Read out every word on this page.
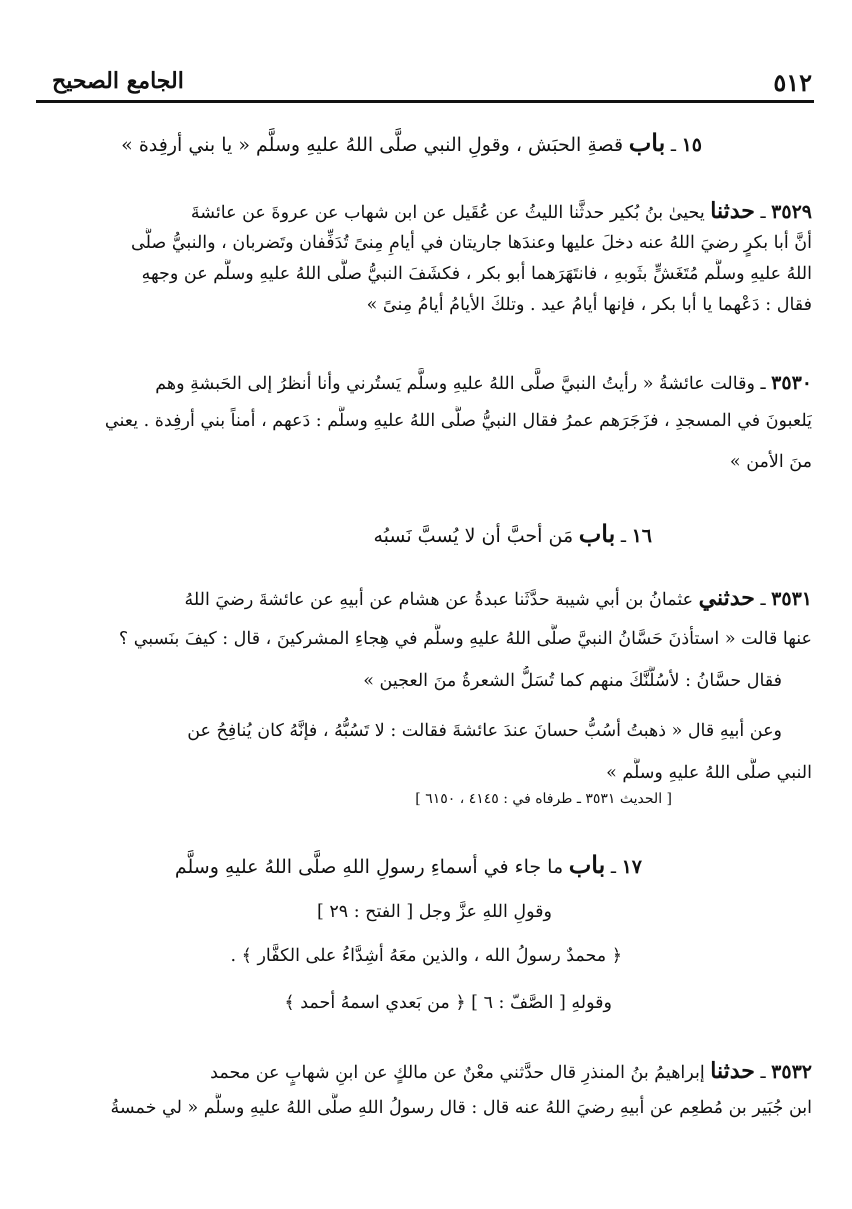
٥١٢
الجامع الصحيح
١٥ ـ باب قصةِ الحبَش ، وقولِ النبي صلَّى اللهُ عليهِ وسلَّم « يا بني أرفِدة »
٣٥٢٩ ـ حدثنا يحيىٰ بنُ بُكير حدثَّنا الليثُ عن عُقَيل عن ابن شهاب عن عروةَ عن عائشةَ
أنَّ أبا بكرٍ رضيَ اللهُ عنه دخلَ عليها وعندَها جاريتان في أيامِ مِنىً تُدَفِّفان وتَضربان ، والنبيُّ صلَّى
اللهُ عليهِ وسلَّم مُتَغَشٍّ بثَوبهِ ، فانتَهَرَهما أبو بكر ، فكشَفَ النبيُّ صلَّى اللهُ عليهِ وسلَّم عن وجههِ
فقال : دَعْهما يا أبا بكر ، فإنها أيامُ عيد . وتلكَ الأيامُ أيامُ مِنىً »
٣٥٣٠ ـ وقالت عائشةُ « رأيتُ النبيَّ صلَّى اللهُ عليهِ وسلَّم يَستُرني وأنا أنظرُ إلى الحَبشةِ وهم
يَلعبونَ في المسجدِ ، فزَجَرَهم عمرُ فقال النبيُّ صلَّى اللهُ عليهِ وسلَّم : دَعهم ، أمناً بني أرفِدة . يعني
منَ الأمن »
١٦ ـ باب مَن أحبَّ أن لا يُسبَّ نَسبُه
٣٥٣١ ـ حدثني عثمانُ بن أبي شيبة حدَّثَنا عبدةُ عن هشام عن أبيهِ عن عائشةَ رضيَ اللهُ
عنها قالت « استأذنَ حَسَّانُ النبيَّ صلَّى اللهُ عليهِ وسلَّم في هِجاءِ المشركينَ ، قال : كيفَ بنَسبي ؟
فقال حسَّانُ : لأسُلَّنَّكَ منهم كما تُسَلُّ الشعرةُ منَ العجين »
وعن أبيهِ قال « ذهبتُ أسُبُّ حسانَ عندَ عائشةَ فقالت : لا تَسُبُّهُ ، فإنَّهُ كان يُنافِحُ عن
النبي صلَّى اللهُ عليهِ وسلَّم »
[ الحديث ٣٥٣١ ـ طرفاه في : ٤١٤٥ ، ٦١٥٠ ]
١٧ ـ باب ما جاء في أسماءِ رسولِ اللهِ صلَّى اللهُ عليهِ وسلَّم
وقولِ اللهِ عزَّ وجل [ الفتح : ٢٩ ]
﴿ محمدٌ رسولُ الله ، والذين معَهُ أشِدَّاءُ على الكفَّار ﴾ .
وقولهِ [ الصَّفّ : ٦ ] ﴿ من بَعدي اسمهُ أحمد ﴾
٣٥٣٢ ـ حدثنا إبراهيمُ بنُ المنذرِ قال حدَّثني معْنٌ عن مالكٍ عن ابنِ شهابٍ عن محمد
ابن جُبَير بن مُطعِم عن أبيهِ رضيَ اللهُ عنه قال : قال رسولُ اللهِ صلَّى اللهُ عليهِ وسلَّم « لي خمسةُ
